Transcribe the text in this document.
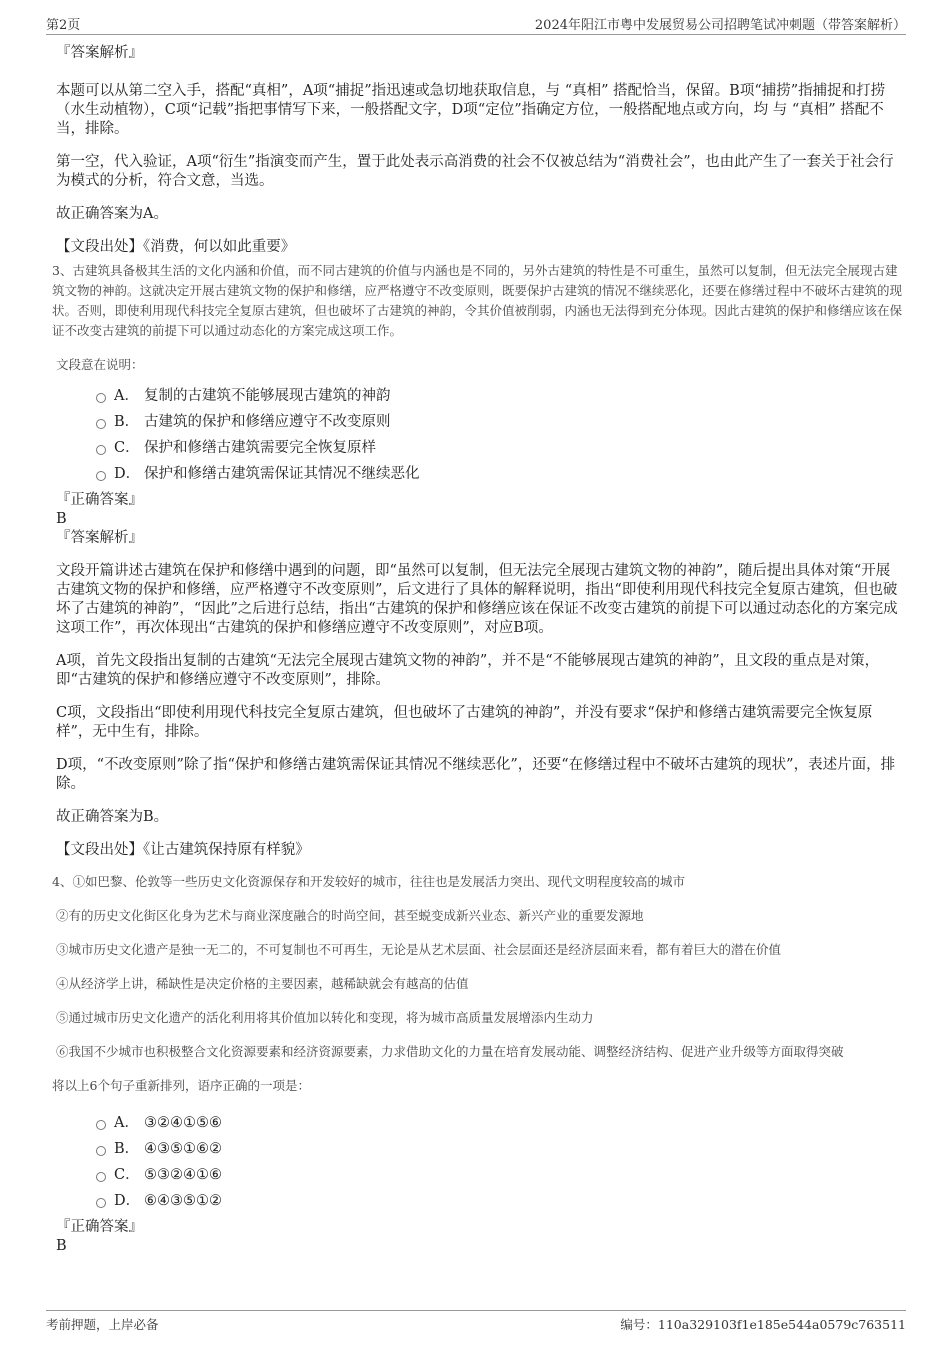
第2页	2024年阳江市粤中发展贸易公司招聘笔试冲刺题（带答案解析）

『答案解析』

本题可以从第二空入手，搭配“真相”，A项“捕捉”指迅速或急切地获取信息，与 “真相” 搭配恰当，保留。B项“捕捞”指捕捉和打捞（水生动植物），C项“记载”指把事情写下来，一般搭配文字，D项“定位”指确定方位，一般搭配地点或方向，均 与 “真相” 搭配不当，排除。

第一空，代入验证，A项“衍生”指演变而产生，置于此处表示高消费的社会不仅被总结为“消费社会”，也由此产生了一套关于社会行为模式的分析，符合文意，当选。

故正确答案为A。

【文段出处】《消费，何以如此重要》

3、古建筑具备极其生活的文化内涵和价值，而不同古建筑的价值与内涵也是不同的，另外古建筑的特性是不可重生，虽然可以复制，但无法完全展现古建筑文物的神韵。这就决定开展古建筑文物的保护和修缮，应严格遵守不改变原则，既要保护古建筑的情况不继续恶化，还要在修缮过程中不破坏古建筑的现状。否则，即使利用现代科技完全复原古建筑，但也破坏了古建筑的神韵，令其价值被削弱，内涵也无法得到充分体现。因此古建筑的保护和修缮应该在保证不改变古建筑的前提下可以通过动态化的方案完成这项工作。

文段意在说明：

A． 复制的古建筑不能够展现古建筑的神韵
B． 古建筑的保护和修缮应遵守不改变原则
C． 保护和修缮古建筑需要完全恢复原样
D． 保护和修缮古建筑需保证其情况不继续恶化

『正确答案』

B

『答案解析』

文段开篇讲述古建筑在保护和修缮中遇到的问题，即“虽然可以复制，但无法完全展现古建筑文物的神韵”，随后提出具体对策“开展古建筑文物的保护和修缮，应严格遵守不改变原则”，后文进行了具体的解释说明，指出“即使利用现代科技完全复原古建筑，但也破坏了古建筑的神韵”，“因此”之后进行总结，指出“古建筑的保护和修缮应该在保证不改变古建筑的前提下可以通过动态化的方案完成这项工作”，再次体现出“古建筑的保护和修缮应遵守不改变原则”，对应B项。

A项，首先文段指出复制的古建筑“无法完全展现古建筑文物的神韵”，并不是“不能够展现古建筑的神韵”，且文段的重点是对策，即“古建筑的保护和修缮应遵守不改变原则”，排除。

C项，文段指出“即使利用现代科技完全复原古建筑，但也破坏了古建筑的神韵”，并没有要求“保护和修缮古建筑需要完全恢复原样”，无中生有，排除。

D项，“不改变原则”除了指“保护和修缮古建筑需保证其情况不继续恶化”，还要“在修缮过程中不破坏古建筑的现状”，表述片面，排除。

故正确答案为B。

【文段出处】《让古建筑保持原有样貌》

4、①如巴黎、伦敦等一些历史文化资源保存和开发较好的城市，往往也是发展活力突出、现代文明程度较高的城市

②有的历史文化街区化身为艺术与商业深度融合的时尚空间，甚至蜕变成新兴业态、新兴产业的重要发源地

③城市历史文化遗产是独一无二的，不可复制也不可再生，无论是从艺术层面、社会层面还是经济层面来看，都有着巨大的潜在价值

④从经济学上讲，稀缺性是决定价格的主要因素，越稀缺就会有越高的估值

⑤通过城市历史文化遗产的活化利用将其价值加以转化和变现，将为城市高质量发展增添内生动力

⑥我国不少城市也积极整合文化资源要素和经济资源要素，力求借助文化的力量在培育发展动能、调整经济结构、促进产业升级等方面取得突破

将以上6个句子重新排列，语序正确的一项是：

A． ③②④①⑤⑥
B． ④③⑤①⑥②
C． ⑤③②④①⑥
D． ⑥④③⑤①②

『正确答案』

B

考前押题，上岸必备	编号：110a329103f1e185e544a0579c763511
